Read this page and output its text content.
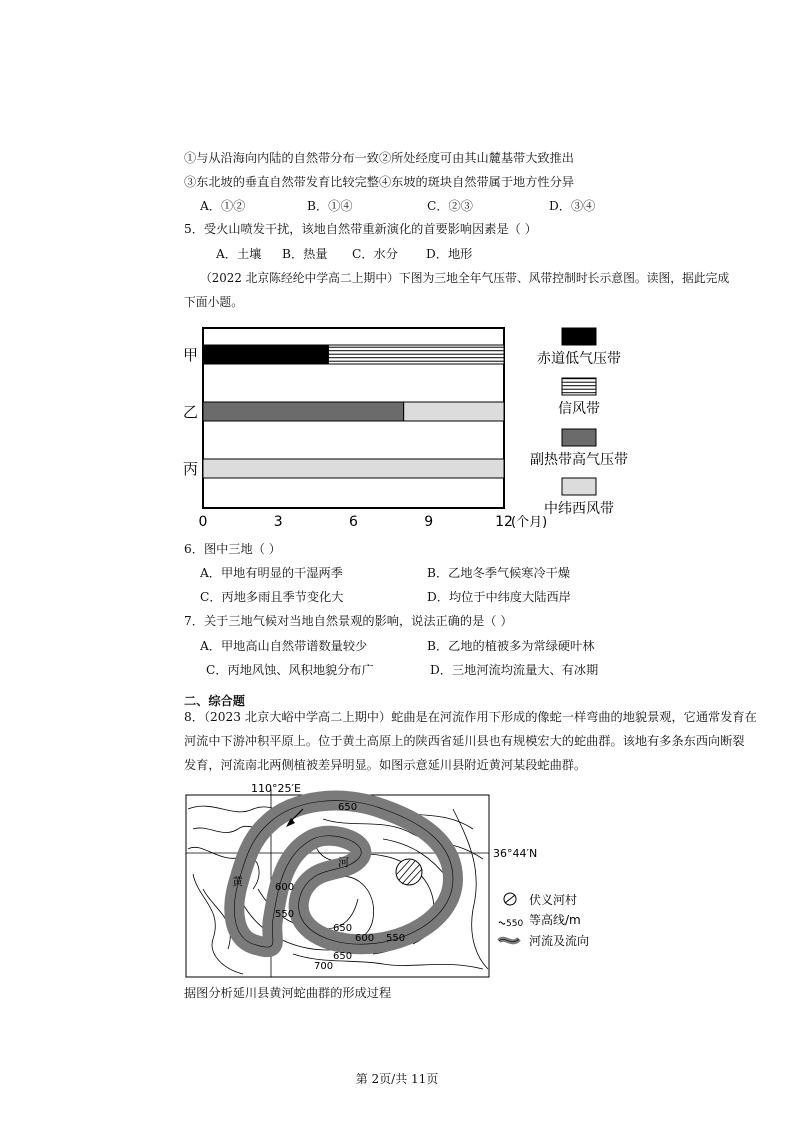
①与从沿海向内陆的自然带分布一致②所处经度可由其山麓基带大致推出
③东北坡的垂直自然带发育比较完整④东坡的斑块自然带属于地方性分异
A．①②	B．①④	C．②③	D．③④
5．受火山喷发干扰，该地自然带重新演化的首要影响因素是（ ）
A．土壤 B．热量 C．水分 D．地形
（2022 北京陈经纶中学高二上期中）下图为三地全年气压带、风带控制时长示意图。读图，据此完成
下面小题。
甲
乙
丙
0	3	6	9	12
(个月)
赤道低气压带
信风带
副热带高气压带
中纬西风带
6．图中三地（ ）
A．甲地有明显的干湿两季	B．乙地冬季气候寒冷干燥
C．丙地多雨且季节变化大	D．均位于中纬度大陆西岸
7．关于三地气候对当地自然景观的影响，说法正确的是（ ）
A．甲地高山自然带谱数量较少	B．乙地的植被多为常绿硬叶林
C．丙地风蚀、风积地貌分布广	D．三地河流均流量大、有冰期
二、综合题
8．（2023 北京大峪中学高二上期中）蛇曲是在河流作用下形成的像蛇一样弯曲的地貌景观，它通常发育在
河流中下游冲积平原上。位于黄土高原上的陕西省延川县也有规模宏大的蛇曲群。该地有多条东西向断裂
发育，河流南北两侧植被差异明显。如图示意延川县附近黄河某段蛇曲群。
110°25′E
36°44′N
黄
河
650
600
550
650
600 550
650
700
伏义河村
550 等高线/m
河流及流向
据图分析延川县黄河蛇曲群的形成过程
第 2页/共 11页
